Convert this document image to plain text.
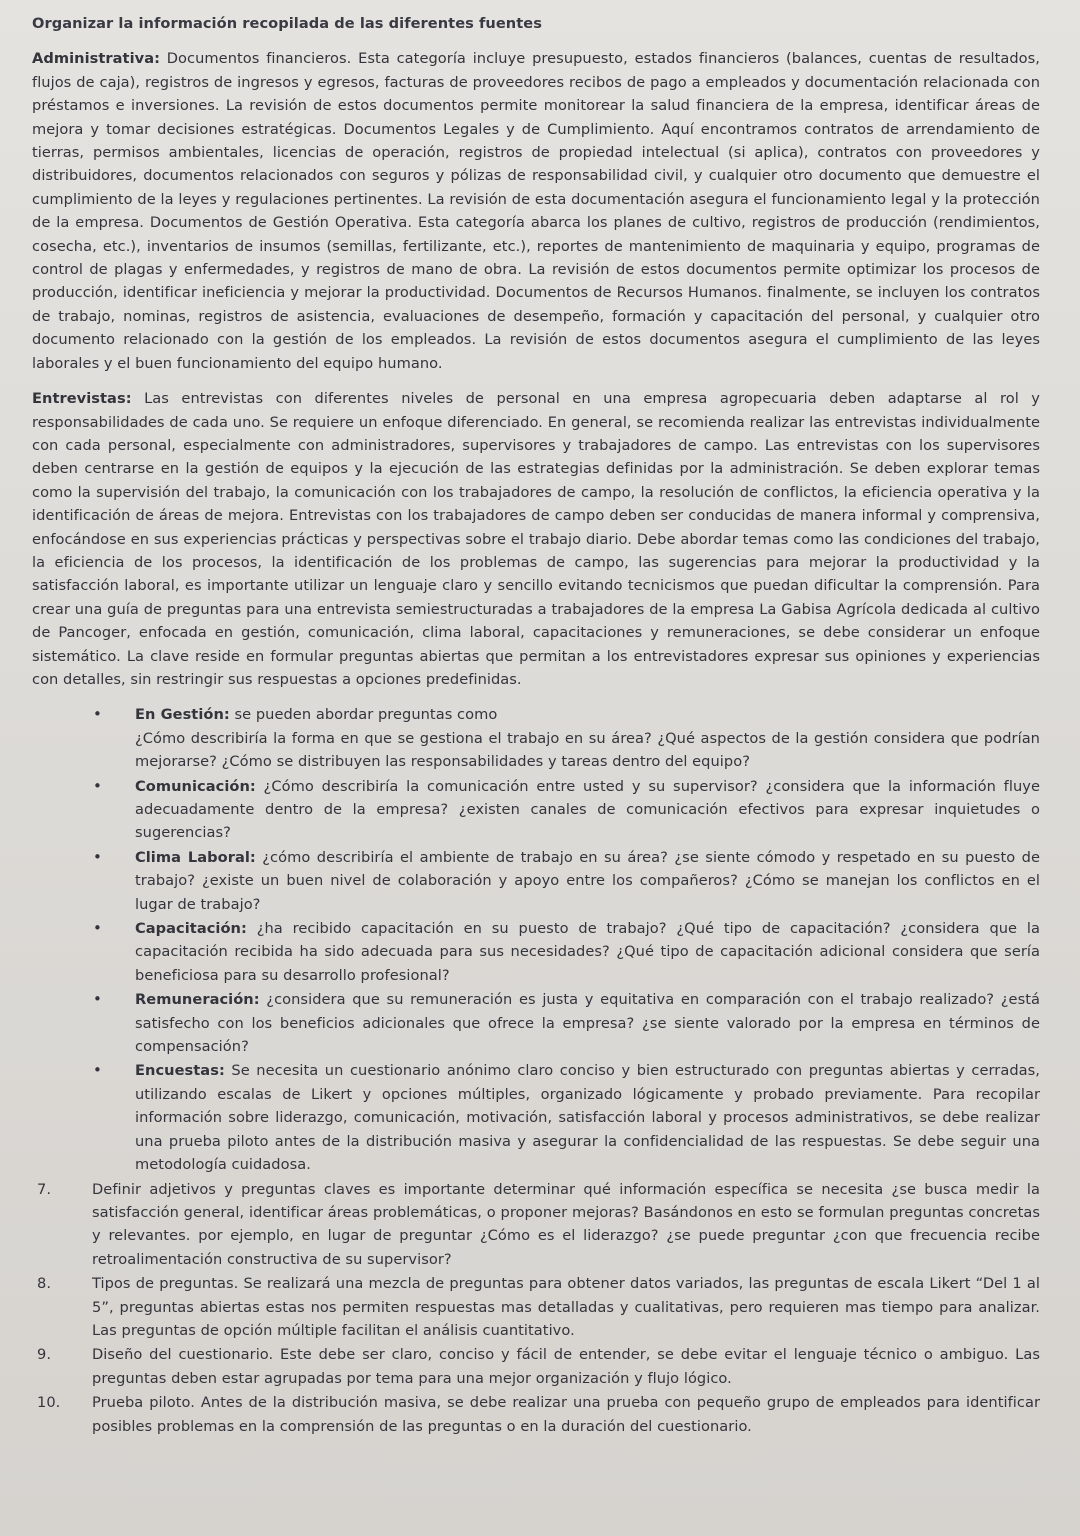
Organizar la información recopilada de las diferentes fuentes

Administrativa: Documentos financieros. Esta categoría incluye presupuesto, estados financieros (balances, cuentas de resultados, flujos de caja), registros de ingresos y egresos, facturas de proveedores recibos de pago a empleados y documentación relacionada con préstamos e inversiones. La revisión de estos documentos permite monitorear la salud financiera de la empresa, identificar áreas de mejora y tomar decisiones estratégicas. Documentos Legales y de Cumplimiento. Aquí encontramos contratos de arrendamiento de tierras, permisos ambientales, licencias de operación, registros de propiedad intelectual (si aplica), contratos con proveedores y distribuidores, documentos relacionados con seguros y pólizas de responsabilidad civil, y cualquier otro documento que demuestre el cumplimiento de la leyes y regulaciones pertinentes. La revisión de esta documentación asegura el funcionamiento legal y la protección de la empresa. Documentos de Gestión Operativa. Esta categoría abarca los planes de cultivo, registros de producción (rendimientos, cosecha, etc.), inventarios de insumos (semillas, fertilizante, etc.), reportes de mantenimiento de maquinaria y equipo, programas de control de plagas y enfermedades, y registros de mano de obra. La revisión de estos documentos permite optimizar los procesos de producción, identificar ineficiencia y mejorar la productividad. Documentos de Recursos Humanos. finalmente, se incluyen los contratos de trabajo, nominas, registros de asistencia, evaluaciones de desempeño, formación y capacitación del personal, y cualquier otro documento relacionado con la gestión de los empleados. La revisión de estos documentos asegura el cumplimiento de las leyes laborales y el buen funcionamiento del equipo humano.

Entrevistas: Las entrevistas con diferentes niveles de personal en una empresa agropecuaria deben adaptarse al rol y responsabilidades de cada uno. Se requiere un enfoque diferenciado. En general, se recomienda realizar las entrevistas individualmente con cada personal, especialmente con administradores, supervisores y trabajadores de campo. Las entrevistas con los supervisores deben centrarse en la gestión de equipos y la ejecución de las estrategias definidas por la administración. Se deben explorar temas como la supervisión del trabajo, la comunicación con los trabajadores de campo, la resolución de conflictos, la eficiencia operativa y la identificación de áreas de mejora. Entrevistas con los trabajadores de campo deben ser conducidas de manera informal y comprensiva, enfocándose en sus experiencias prácticas y perspectivas sobre el trabajo diario. Debe abordar temas como las condiciones del trabajo, la eficiencia de los procesos, la identificación de los problemas de campo, las sugerencias para mejorar la productividad y la satisfacción laboral, es importante utilizar un lenguaje claro y sencillo evitando tecnicismos que puedan dificultar la comprensión. Para crear una guía de preguntas para una entrevista semiestructuradas a trabajadores de la empresa La Gabisa Agrícola dedicada al cultivo de Pancoger, enfocada en gestión, comunicación, clima laboral, capacitaciones y remuneraciones, se debe considerar un enfoque sistemático. La clave reside en formular preguntas abiertas que permitan a los entrevistadores expresar sus opiniones y experiencias con detalles, sin restringir sus respuestas a opciones predefinidas.

• En Gestión: se pueden abordar preguntas como
¿Cómo describiría la forma en que se gestiona el trabajo en su área? ¿Qué aspectos de la gestión considera que podrían mejorarse? ¿Cómo se distribuyen las responsabilidades y tareas dentro del equipo?
• Comunicación: ¿Cómo describiría la comunicación entre usted y su supervisor? ¿considera que la información fluye adecuadamente dentro de la empresa? ¿existen canales de comunicación efectivos para expresar inquietudes o sugerencias?
• Clima Laboral: ¿cómo describiría el ambiente de trabajo en su área? ¿se siente cómodo y respetado en su puesto de trabajo? ¿existe un buen nivel de colaboración y apoyo entre los compañeros? ¿Cómo se manejan los conflictos en el lugar de trabajo?
• Capacitación: ¿ha recibido capacitación en su puesto de trabajo? ¿Qué tipo de capacitación? ¿considera que la capacitación recibida ha sido adecuada para sus necesidades? ¿Qué tipo de capacitación adicional considera que sería beneficiosa para su desarrollo profesional?
• Remuneración: ¿considera que su remuneración es justa y equitativa en comparación con el trabajo realizado? ¿está satisfecho con los beneficios adicionales que ofrece la empresa? ¿se siente valorado por la empresa en términos de compensación?
• Encuestas: Se necesita un cuestionario anónimo claro conciso y bien estructurado con preguntas abiertas y cerradas, utilizando escalas de Likert y opciones múltiples, organizado lógicamente y probado previamente. Para recopilar información sobre liderazgo, comunicación, motivación, satisfacción laboral y procesos administrativos, se debe realizar una prueba piloto antes de la distribución masiva y asegurar la confidencialidad de las respuestas. Se debe seguir una metodología cuidadosa.
7.	Definir adjetivos y preguntas claves es importante determinar qué información específica se necesita ¿se busca medir la satisfacción general, identificar áreas problemáticas, o proponer mejoras? Basándonos en esto se formulan preguntas concretas y relevantes. por ejemplo, en lugar de preguntar ¿Cómo es el liderazgo? ¿se puede preguntar ¿con que frecuencia recibe retroalimentación constructiva de su supervisor?
8.	Tipos de preguntas. Se realizará una mezcla de preguntas para obtener datos variados, las preguntas de escala Likert “Del 1 al 5”, preguntas abiertas estas nos permiten respuestas mas detalladas y cualitativas, pero requieren mas tiempo para analizar. Las preguntas de opción múltiple facilitan el análisis cuantitativo.
9.	Diseño del cuestionario. Este debe ser claro, conciso y fácil de entender, se debe evitar el lenguaje técnico o ambiguo. Las preguntas deben estar agrupadas por tema para una mejor organización y flujo lógico.
10. Prueba piloto. Antes de la distribución masiva, se debe realizar una prueba con pequeño grupo de empleados para identificar posibles problemas en la comprensión de las preguntas o en la duración del cuestionario.
